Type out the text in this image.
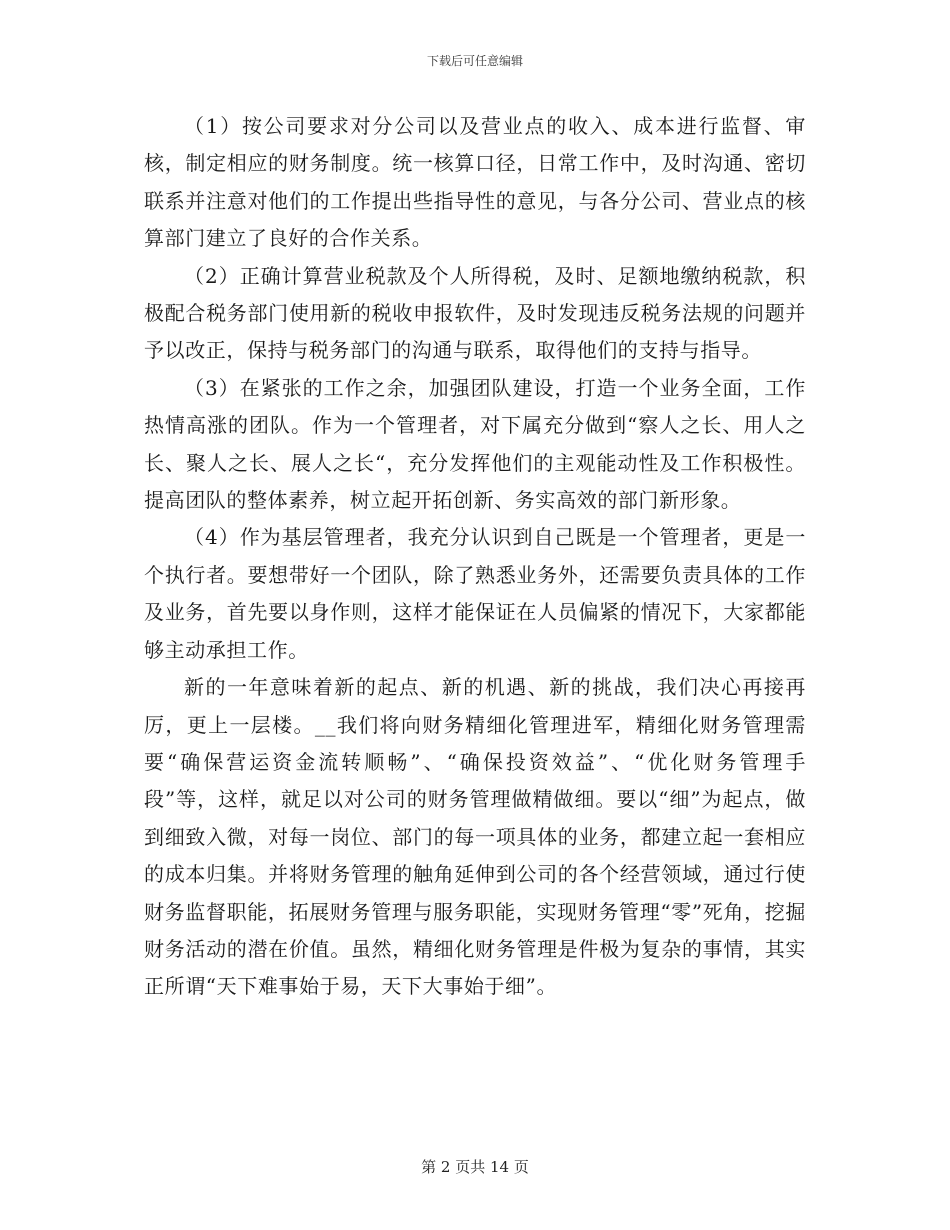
下载后可任意编辑

（1）按公司要求对分公司以及营业点的收入、成本进行监督、审核，制定相应的财务制度。统一核算口径，日常工作中，及时沟通、密切联系并注意对他们的工作提出些指导性的意见，与各分公司、营业点的核算部门建立了良好的合作关系。

（2）正确计算营业税款及个人所得税，及时、足额地缴纳税款，积极配合税务部门使用新的税收申报软件，及时发现违反税务法规的问题并予以改正，保持与税务部门的沟通与联系，取得他们的支持与指导。

（3）在紧张的工作之余，加强团队建设，打造一个业务全面，工作热情高涨的团队。作为一个管理者，对下属充分做到“察人之长、用人之长、聚人之长、展人之长“，充分发挥他们的主观能动性及工作积极性。提高团队的整体素养，树立起开拓创新、务实高效的部门新形象。

（4）作为基层管理者，我充分认识到自己既是一个管理者，更是一个执行者。要想带好一个团队，除了熟悉业务外，还需要负责具体的工作及业务，首先要以身作则，这样才能保证在人员偏紧的情况下，大家都能够主动承担工作。

新的一年意味着新的起点、新的机遇、新的挑战，我们决心再接再厉，更上一层楼。__我们将向财务精细化管理进军，精细化财务管理需要“确保营运资金流转顺畅”、“确保投资效益”、“优化财务管理手段”等，这样，就足以对公司的财务管理做精做细。要以“细”为起点，做到细致入微，对每一岗位、部门的每一项具体的业务，都建立起一套相应的成本归集。并将财务管理的触角延伸到公司的各个经营领域，通过行使财务监督职能，拓展财务管理与服务职能，实现财务管理“零”死角，挖掘财务活动的潜在价值。虽然，精细化财务管理是件极为复杂的事情，其实正所谓“天下难事始于易，天下大事始于细”。

第 2 页共 14 页
